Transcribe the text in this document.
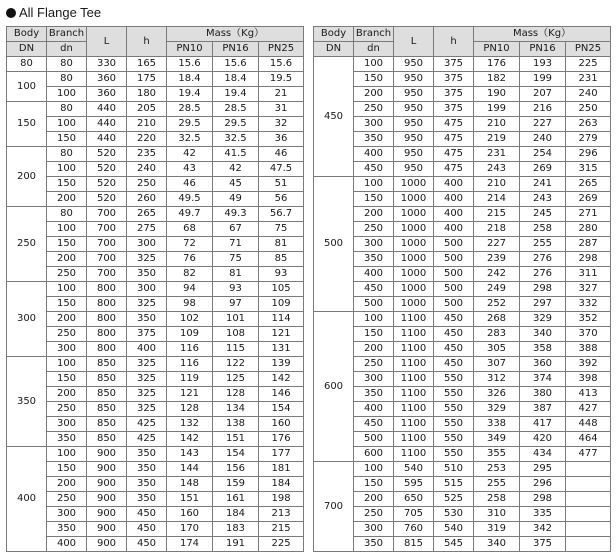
All Flange Tee
Body	Branch	L	h	Mass（Kg）		
DN	dn			PN10	PN16	PN25
80	80	330	165	15.6	15.6	15.6
100	80	360	175	18.4	18.4	19.5
	100	360	180	19.4	19.4	21
150	80	440	205	28.5	28.5	31
	100	440	210	29.5	29.5	32
	150	440	220	32.5	32.5	36
200	80	520	235	42	41.5	46
	100	520	240	43	42	47.5
	150	520	250	46	45	51
	200	520	260	49.5	49	56
250	80	700	265	49.7	49.3	56.7
	100	700	275	68	67	75
	150	700	300	72	71	81
	200	700	325	76	75	85
	250	700	350	82	81	93
300	100	800	300	94	93	105
	150	800	325	98	97	109
	200	800	350	102	101	114
	250	800	375	109	108	121
	300	800	400	116	115	131
350	100	850	325	116	122	139
	150	850	325	119	125	142
	200	850	325	121	128	146
	250	850	325	128	134	154
	300	850	425	132	138	160
	350	850	425	142	151	176
400	100	900	350	143	154	177
	150	900	350	144	156	181
	200	900	350	148	159	184
	250	900	350	151	161	198
	300	900	450	160	184	213
	350	900	450	170	183	215
	400	900	450	174	191	225
Body	Branch	L	h	Mass（Kg）		
DN	dn			PN10	PN16	PN25
450	100	950	375	176	193	225
	150	950	375	182	199	231
	200	950	375	190	207	240
	250	950	375	199	216	250
	300	950	475	210	227	263
	350	950	475	219	240	279
	400	950	475	231	254	296
	450	950	475	243	269	315
500	100	1000	400	210	241	265
	150	1000	400	214	243	269
	200	1000	400	215	245	271
	250	1000	400	218	258	280
	300	1000	500	227	255	287
	350	1000	500	239	276	298
	400	1000	500	242	276	311
	450	1000	500	249	298	327
	500	1000	500	252	297	332
600	100	1100	450	268	329	352
	150	1100	450	283	340	370
	200	1100	450	305	358	388
	250	1100	450	307	360	392
	300	1100	550	312	374	398
	350	1100	550	326	380	413
	400	1100	550	329	387	427
	450	1100	550	338	417	448
	500	1100	550	349	420	464
	600	1100	550	355	434	477
700	100	540	510	253	295	
	150	595	515	255	296	
	200	650	525	258	298	
	250	705	530	310	335	
	300	760	540	319	342	
	350	815	545	340	375	
